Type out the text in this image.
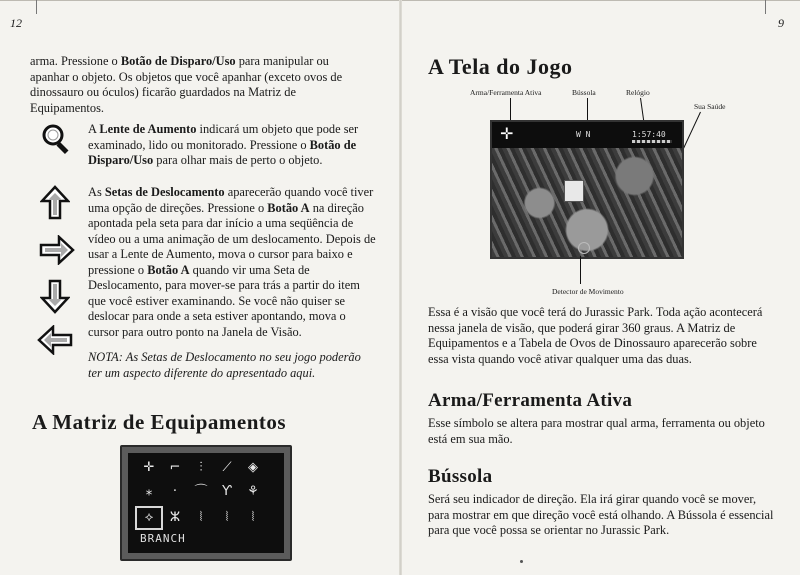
12	9

arma. Pressione o Botão de Disparo/Uso para manipular ou apanhar o objeto. Os objetos que você apanhar (exceto ovos de dinossauro ou óculos) ficarão guardados na Matriz de Equipamentos.

A Lente de Aumento indicará um objeto que pode ser examinado, lido ou monitorado. Pressione o Botão de Disparo/Uso para olhar mais de perto o objeto.

As Setas de Deslocamento aparecerão quando você tiver uma opção de direções. Pressione o Botão A na direção apontada pela seta para dar início a uma seqüência de vídeo ou a uma animação de um deslocamento. Depois de usar a Lente de Aumento, mova o cursor para baixo e pressione o Botão A quando vir uma Seta de Deslocamento, para mover-se para trás a partir do item que você estiver examinando. Se você não quiser se deslocar para onde a seta estiver apontando, mova o cursor para outro ponto na Janela de Visão.

NOTA: As Setas de Deslocamento no seu jogo poderão ter um aspecto diferente do apresentado aqui.

A Matriz de Equipamentos
✛	⌐	⫶	⟋	◈
⁎	·	⌒	Ƴ	⚘
⟡	ⵣ	⦚	⦚	⦚
BRANCH
A Tela do Jogo
Arma/Ferramenta Ativa	Bússola	Relógio
Sua Saúde
✛	W N	1:57:40
Detector de Movimento

Essa é a visão que você terá do Jurassic Park. Toda ação acontecerá nessa janela de visão, que poderá girar 360 graus. A Matriz de Equipamentos e a Tabela de Ovos de Dinossauro aparecerão sobre essa vista quando você ativar qualquer uma das duas.

Arma/Ferramenta Ativa

Esse símbolo se altera para mostrar qual arma, ferramenta ou objeto está em sua mão.

Bússola

Será seu indicador de direção. Ela irá girar quando você se mover, para mostrar em que direção você está olhando. A Bússola é essencial para que você possa se orientar no Jurassic Park.
